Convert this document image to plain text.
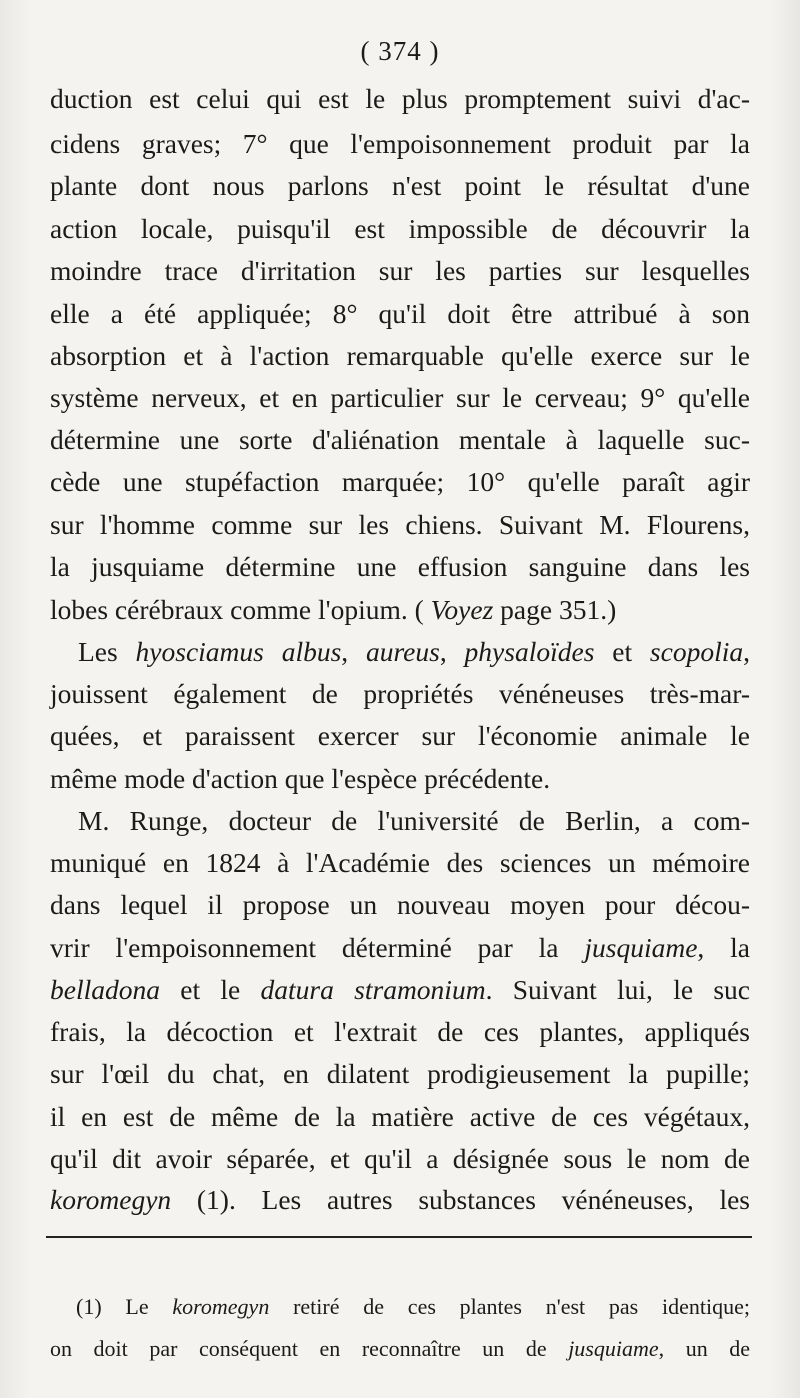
( 374 )
duction est celui qui est le plus promptement suivi d'ac-
cidens graves; 7° que l'empoisonnement produit par la
plante dont nous parlons n'est point le résultat d'une
action locale, puisqu'il est impossible de découvrir la
moindre trace d'irritation sur les parties sur lesquelles
elle a été appliquée; 8° qu'il doit être attribué à son
absorption et à l'action remarquable qu'elle exerce sur le
système nerveux, et en particulier sur le cerveau; 9° qu'elle
détermine une sorte d'aliénation mentale à laquelle suc-
cède une stupéfaction marquée; 10° qu'elle paraît agir
sur l'homme comme sur les chiens. Suivant M. Flourens,
la jusquiame détermine une effusion sanguine dans les
lobes cérébraux comme l'opium. ( Voyez page 351.)
Les hyosciamus albus, aureus, physaloïdes et scopolia,
jouissent également de propriétés vénéneuses très-mar-
quées, et paraissent exercer sur l'économie animale le
même mode d'action que l'espèce précédente.
M. Runge, docteur de l'université de Berlin, a com-
muniqué en 1824 à l'Académie des sciences un mémoire
dans lequel il propose un nouveau moyen pour décou-
vrir l'empoisonnement déterminé par la jusquiame, la
belladona et le datura stramonium. Suivant lui, le suc
frais, la décoction et l'extrait de ces plantes, appliqués
sur l'œil du chat, en dilatent prodigieusement la pupille;
il en est de même de la matière active de ces végétaux,
qu'il dit avoir séparée, et qu'il a désignée sous le nom de
koromegyn (1). Les autres substances vénéneuses, les
(1) Le koromegyn retiré de ces plantes n'est pas identique;
on doit par conséquent en reconnaître un de jusquiame, un de
